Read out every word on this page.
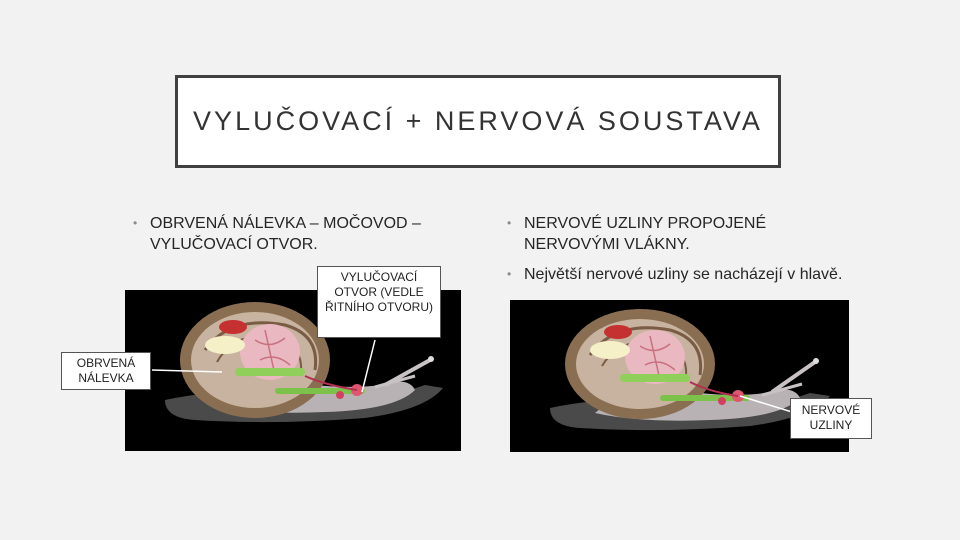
VYLUČOVACÍ + NERVOVÁ SOUSTAVA
• OBRVENÁ NÁLEVKA – MOČOVOD – VYLUČOVACÍ OTVOR.
• NERVOVÉ UZLINY PROPOJENÉ NERVOVÝMI VLÁKNY.
• Největší nervové uzliny se nacházejí v hlavě.
VYLUČOVACÍ OTVOR (VEDLE ŘITNÍHO OTVORU)
OBRVENÁ NÁLEVKA
NERVOVÉ UZLINY
